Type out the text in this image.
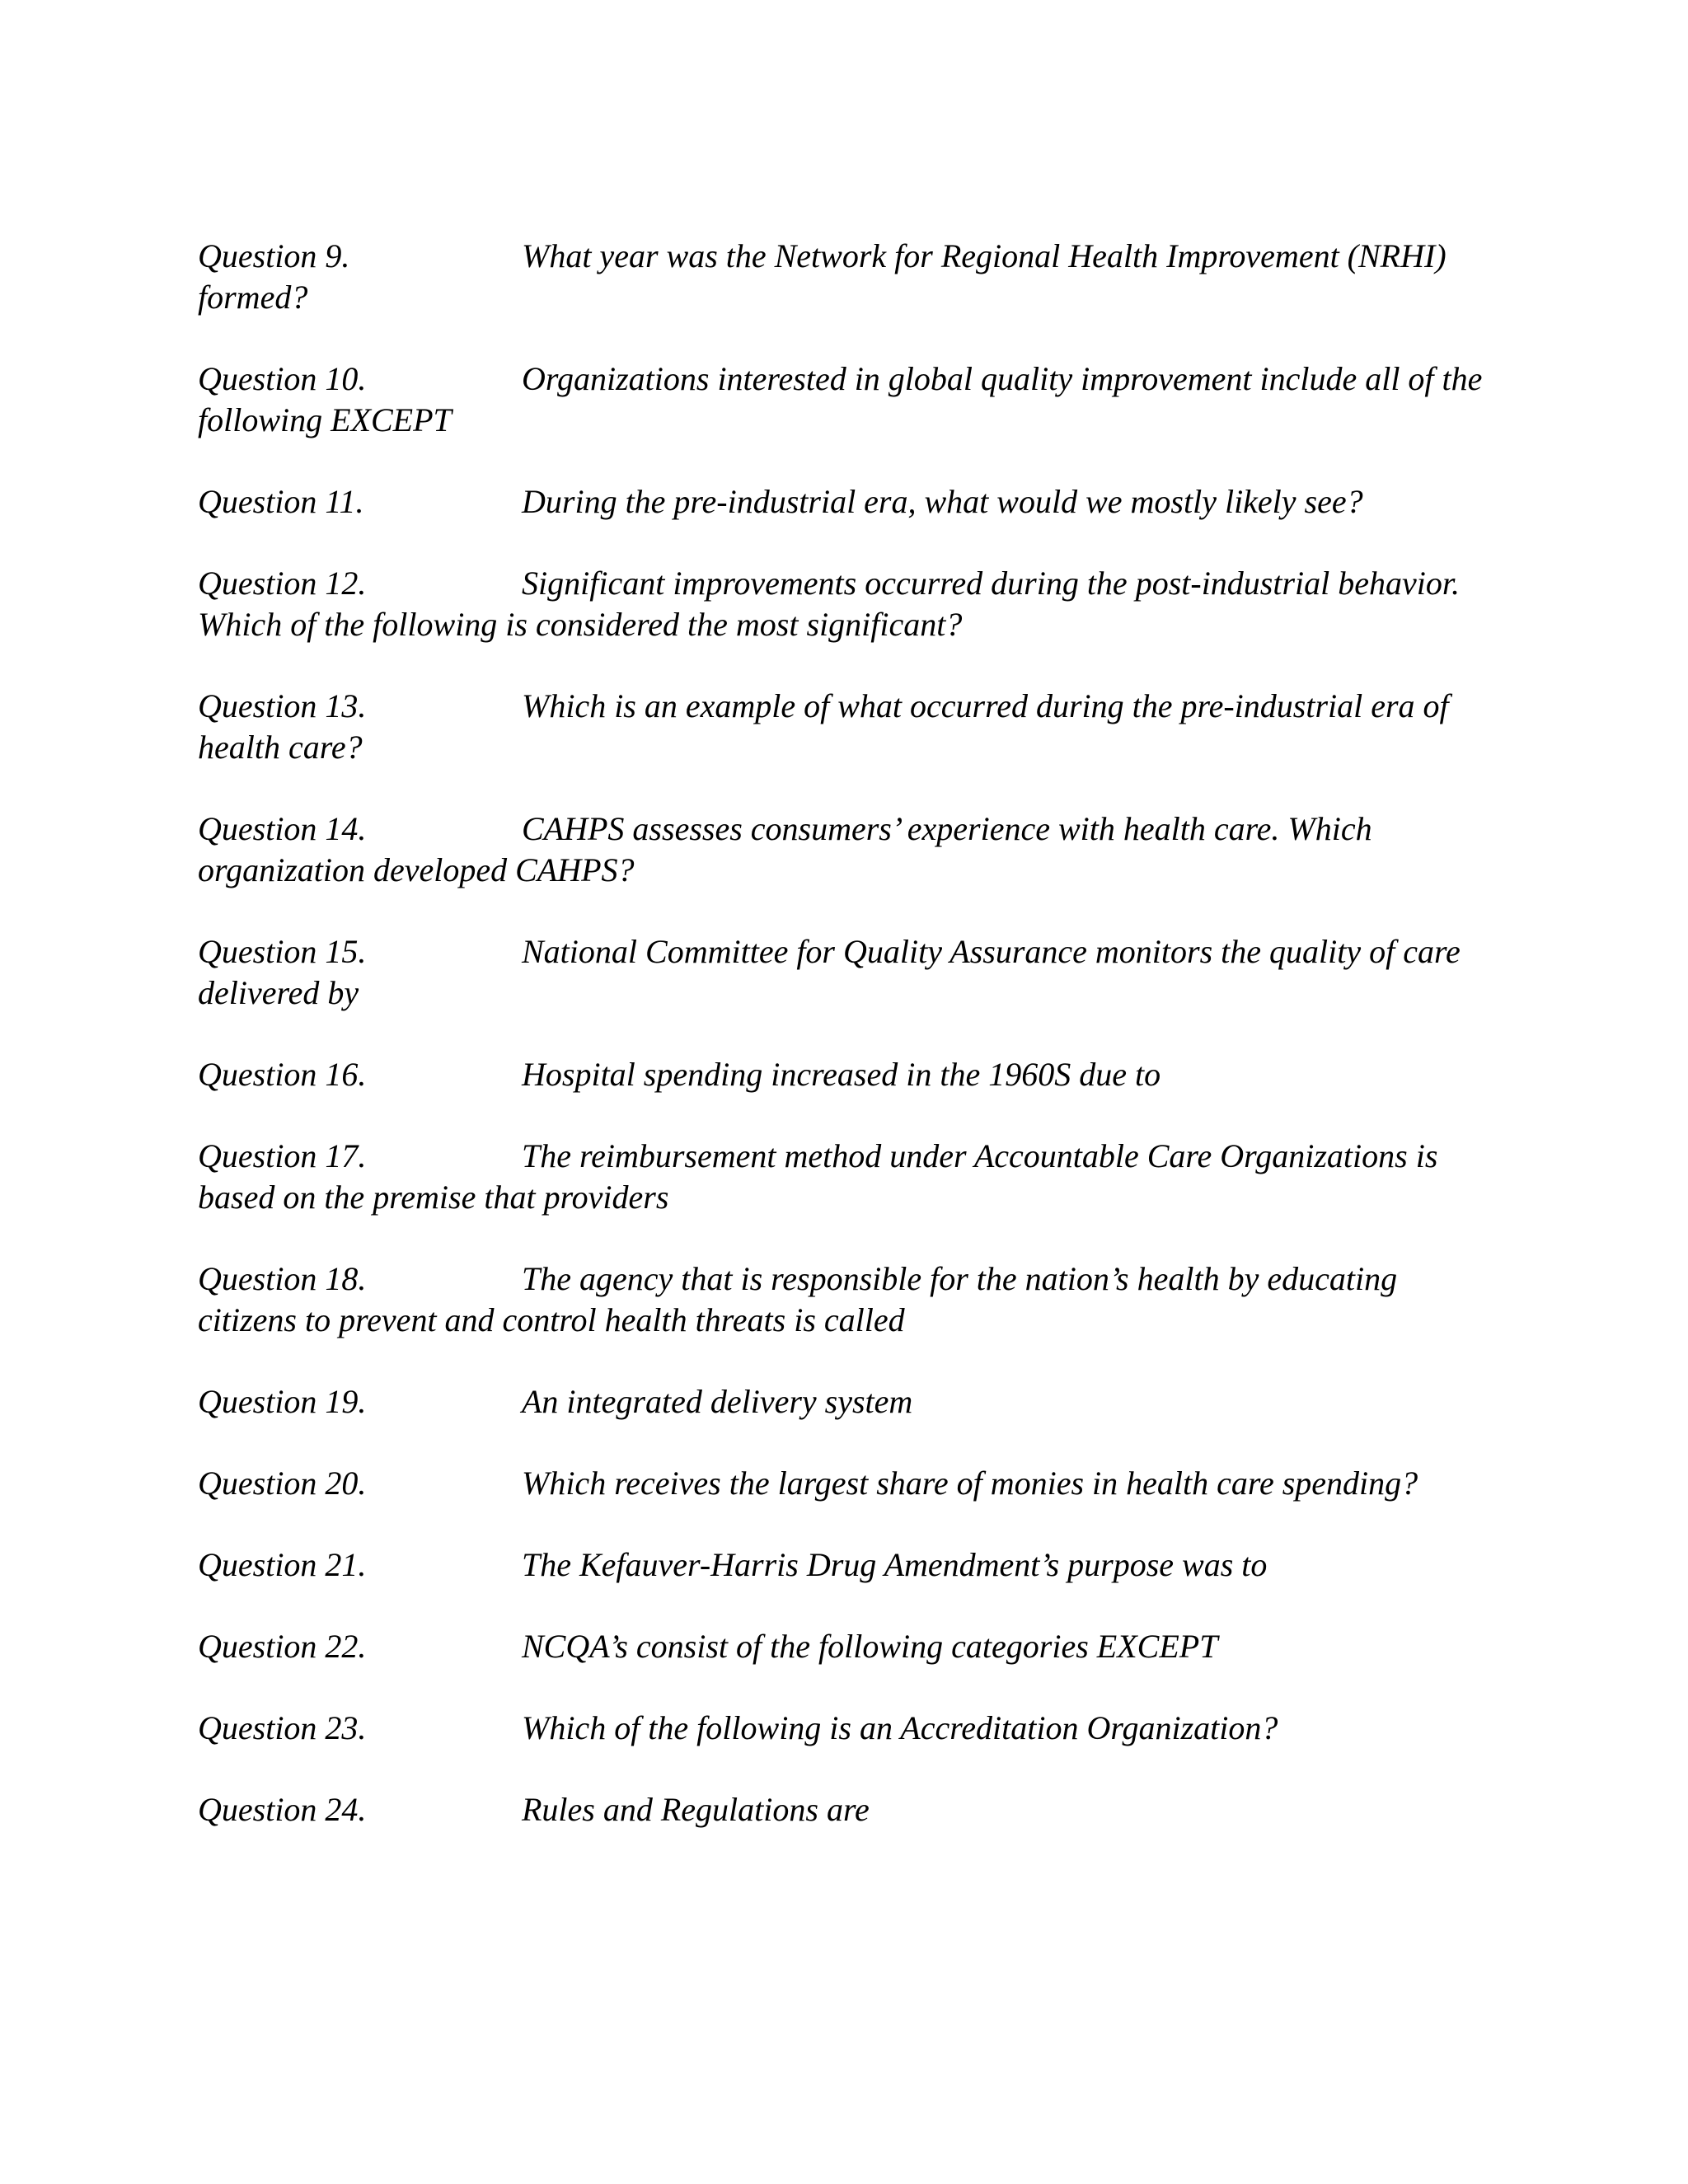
Question 9.	What year was the Network for Regional Health Improvement (NRHI) formed?

Question 10.	Organizations interested in global quality improvement include all of the following EXCEPT

Question 11.	During the pre-industrial era, what would we mostly likely see?

Question 12.	Significant improvements occurred during the post-industrial behavior. Which of the following is considered the most significant?

Question 13.	Which is an example of what occurred during the pre-industrial era of health care?

Question 14.	CAHPS assesses consumers’ experience with health care. Which organization developed CAHPS?

Question 15.	National Committee for Quality Assurance monitors the quality of care delivered by

Question 16.	Hospital spending increased in the 1960S due to

Question 17.	The reimbursement method under Accountable Care Organizations is based on the premise that providers

Question 18.	The agency that is responsible for the nation’s health by educating citizens to prevent and control health threats is called

Question 19.	An integrated delivery system

Question 20.	Which receives the largest share of monies in health care spending?

Question 21.	The Kefauver-Harris Drug Amendment’s purpose was to

Question 22.	NCQA’s consist of the following categories EXCEPT

Question 23.	Which of the following is an Accreditation Organization?

Question 24.	Rules and Regulations are
